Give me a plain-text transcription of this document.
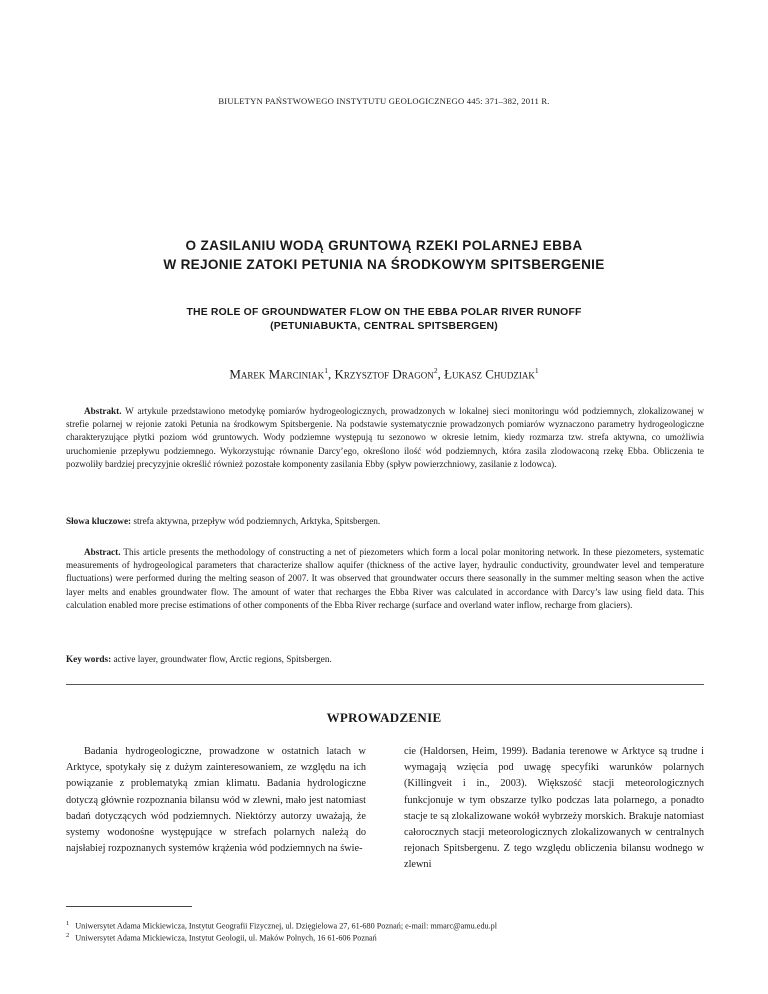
BIULETYN PAŃSTWOWEGO INSTYTUTU GEOLOGICZNEGO 445: 371–382, 2011 R.
O ZASILANIU WODĄ GRUNTOWĄ RZEKI POLARNEJ EBBA
W REJONIE ZATOKI PETUNIA NA ŚRODKOWYM SPITSBERGENIE
THE ROLE OF GROUNDWATER FLOW ON THE EBBA POLAR RIVER RUNOFF
(PETUNIABUKTA, CENTRAL SPITSBERGEN)
Marek Marciniak$^1$, Krzysztof Dragon$^2$, Łukasz Chudziak$^1$

Abstrakt. W artykule przedstawiono metodykę pomiarów hydrogeologicznych, prowadzonych w lokalnej sieci monitoringu wód podziemnych, zlokalizowanej w strefie polarnej w rejonie zatoki Petunia na środkowym Spitsbergenie. Na podstawie systematycznie prowadzonych pomiarów wyznaczono parametry hydrogeologiczne charakteryzujące płytki poziom wód gruntowych. Wody podziemne występują tu sezonowo w okresie letnim, kiedy rozmarza tzw. strefa aktywna, co umożliwia uruchomienie przepływu podziemnego. Wykorzystując równanie Darcy’ego, określono ilość wód podziemnych, która zasila zlodowaconą rzekę Ebba. Obliczenia te pozwoliły bardziej precyzyjnie określić również pozostałe komponenty zasilania Ebby (spływ powierzchniowy, zasilanie z lodowca).

Słowa kluczowe: strefa aktywna, przepływ wód podziemnych, Arktyka, Spitsbergen.

Abstract. This article presents the methodology of constructing a net of piezometers which form a local polar monitoring network. In these piezometers, systematic measurements of hydrogeological parameters that characterize shallow aquifer (thickness of the active layer, hydraulic conductivity, groundwater level and temperature fluctuations) were performed during the melting season of 2007. It was observed that groundwater occurs there seasonally in the summer melting season when the active layer melts and enables groundwater flow. The amount of water that recharges the Ebba River was calculated in accordance with Darcy’s law using field data. This calculation enabled more precise estimations of other components of the Ebba River recharge (surface and overland water inflow, recharge from glaciers).

Key words: active layer, groundwater flow, Arctic regions, Spitsbergen.

WPROWADZENIE

Badania hydrogeologiczne, prowadzone w ostatnich latach w Arktyce, spotykały się z dużym zainteresowaniem, ze względu na ich powiązanie z problematyką zmian klimatu. Badania hydrologiczne dotyczą głównie rozpoznania bilansu wód w zlewni, mało jest natomiast badań dotyczących wód podziemnych. Niektórzy autorzy uważają, że systemy wodonośne występujące w strefach polarnych należą do najsłabiej rozpoznanych systemów krążenia wód podziemnych na świe-

cie (Haldorsen, Heim, 1999). Badania terenowe w Arktyce są trudne i wymagają wzięcia pod uwagę specyfiki warunków polarnych (Killingveit i in., 2003). Większość stacji meteorologicznych funkcjonuje w tym obszarze tylko podczas lata polarnego, a ponadto stacje te są zlokalizowane wokół wybrzeży morskich. Brakuje natomiast całorocznych stacji meteorologicznych zlokalizowanych w centralnych rejonach Spitsbergenu. Z tego względu obliczenia bilansu wodnego w zlewni

$^1$ Uniwersytet Adama Mickiewicza, Instytut Geografii Fizycznej, ul. Dzięgielowa 27, 61-680 Poznań; e-mail: mmarc@amu.edu.pl
$^2$ Uniwersytet Adama Mickiewicza, Instytut Geologii, ul. Maków Polnych, 16 61-606 Poznań
